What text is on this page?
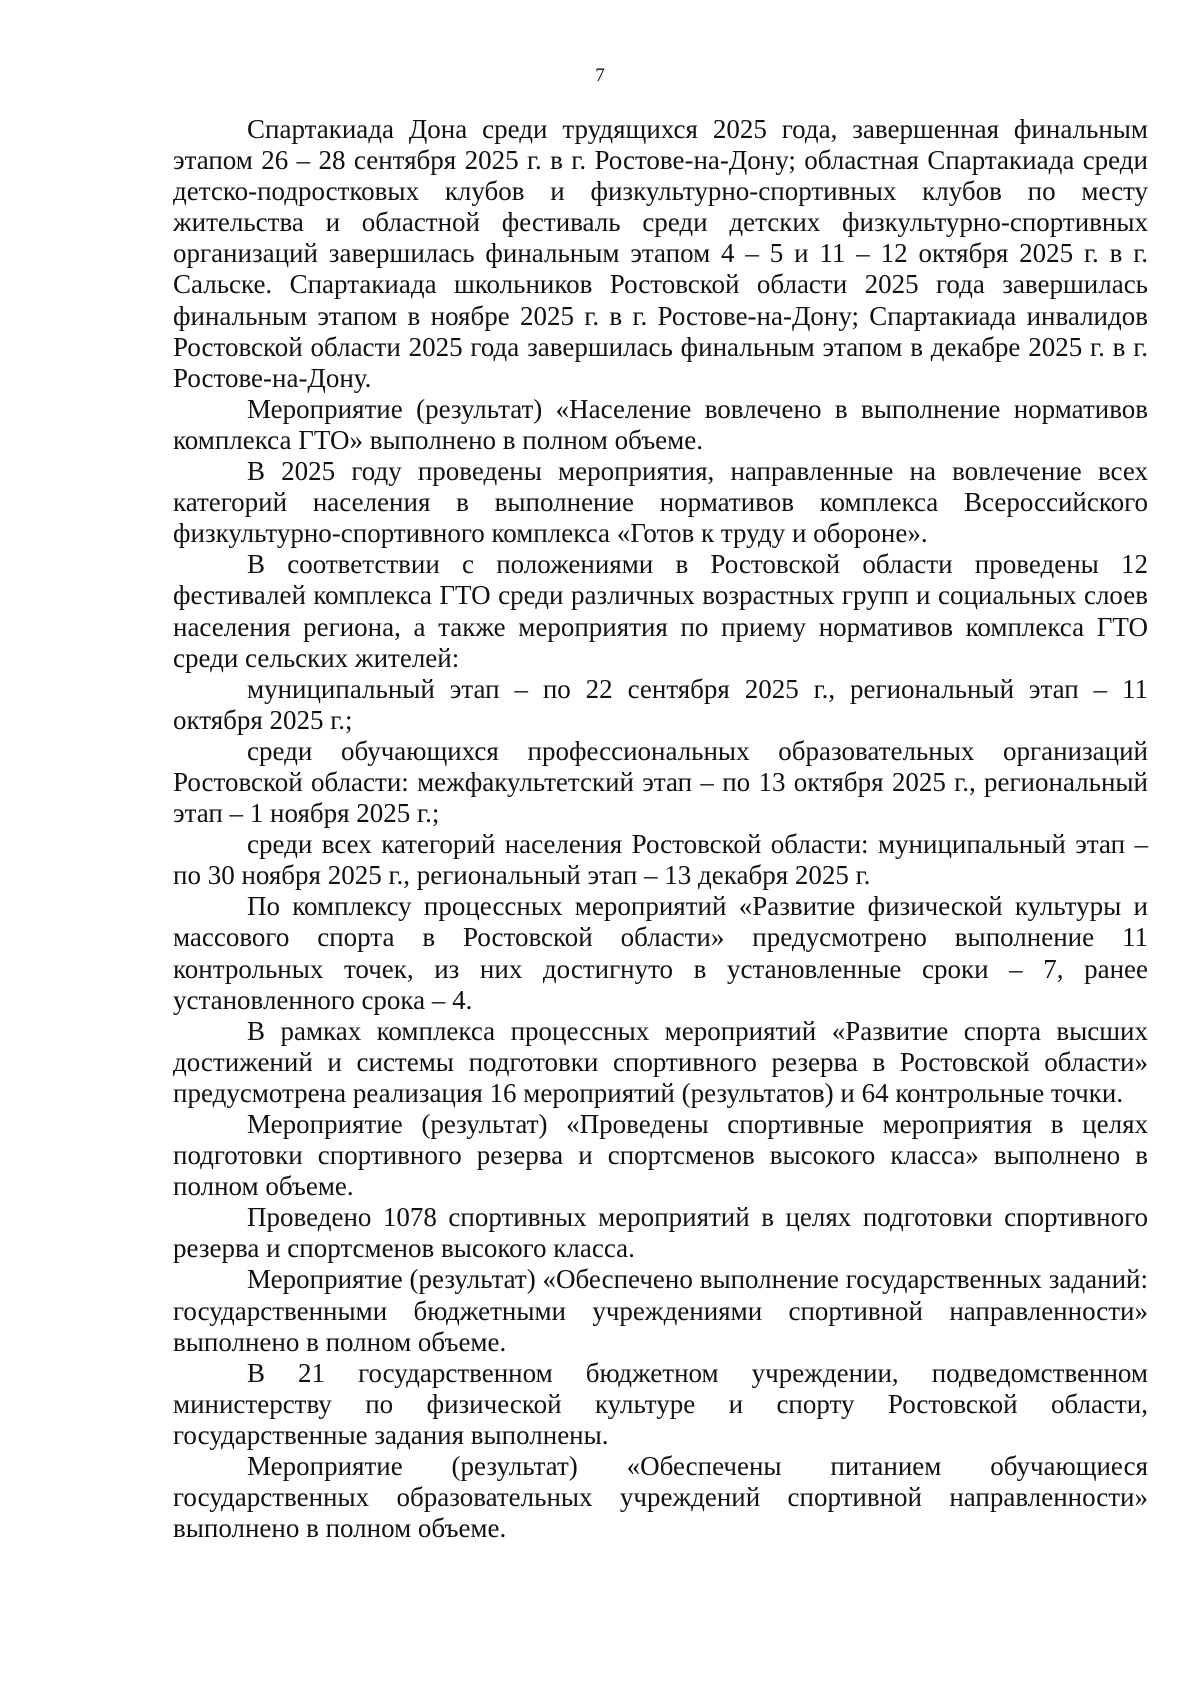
7

Спартакиада Дона среди трудящихся 2025 года, завершенная финальным этапом 26 – 28 сентября 2025 г. в г. Ростове-на-Дону; областная Спартакиада среди детско-подростковых клубов и физкультурно-спортивных клубов по месту жительства и областной фестиваль среди детских физкультурно-спортивных организаций завершилась финальным этапом 4 – 5 и 11 – 12 октября 2025 г. в г. Сальске. Спартакиада школьников Ростовской области 2025 года завершилась финальным этапом в ноябре 2025 г. в г. Ростове-на-Дону; Спартакиада инвалидов Ростовской области 2025 года завершилась финальным этапом в декабре 2025 г. в г. Ростове-на-Дону.

Мероприятие (результат) «Население вовлечено в выполнение нормативов комплекса ГТО» выполнено в полном объеме.

В 2025 году проведены мероприятия, направленные на вовлечение всех категорий населения в выполнение нормативов комплекса Всероссийского физкультурно-спортивного комплекса «Готов к труду и обороне».

В соответствии с положениями в Ростовской области проведены 12 фестивалей комплекса ГТО среди различных возрастных групп и социальных слоев населения региона, а также мероприятия по приему нормативов комплекса ГТО среди сельских жителей:

муниципальный этап – по 22 сентября 2025 г., региональный этап – 11 октября 2025 г.;

среди обучающихся профессиональных образовательных организаций Ростовской области: межфакультетский этап – по 13 октября 2025 г., региональный этап – 1 ноября 2025 г.;

среди всех категорий населения Ростовской области: муниципальный этап – по 30 ноября 2025 г., региональный этап – 13 декабря 2025 г.

По комплексу процессных мероприятий «Развитие физической культуры и массового спорта в Ростовской области» предусмотрено выполнение 11 контрольных точек, из них достигнуто в установленные сроки – 7, ранее установленного срока – 4.

В рамках комплекса процессных мероприятий «Развитие спорта высших достижений и системы подготовки спортивного резерва в Ростовской области» предусмотрена реализация 16 мероприятий (результатов) и 64 контрольные точки.

Мероприятие (результат) «Проведены спортивные мероприятия в целях подготовки спортивного резерва и спортсменов высокого класса» выполнено в полном объеме.

Проведено 1078 спортивных мероприятий в целях подготовки спортивного резерва и спортсменов высокого класса.

Мероприятие (результат) «Обеспечено выполнение государственных заданий: государственными бюджетными учреждениями спортивной направленности» выполнено в полном объеме.

В 21 государственном бюджетном учреждении, подведомственном министерству по физической культуре и спорту Ростовской области, государственные задания выполнены.

Мероприятие (результат) «Обеспечены питанием обучающиеся государственных образовательных учреждений спортивной направленности» выполнено в полном объеме.
